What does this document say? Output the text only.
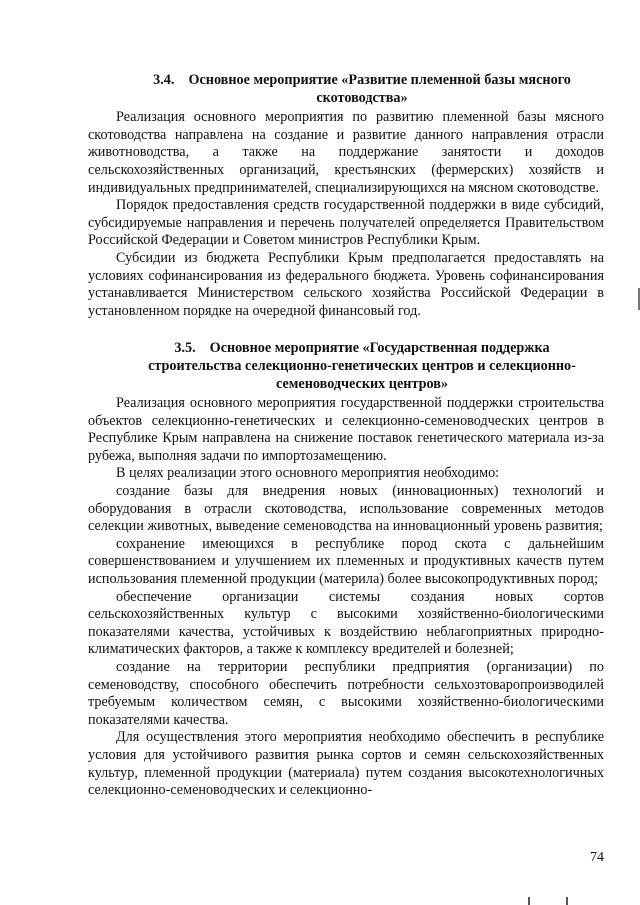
3.4. Основное мероприятие «Развитие племенной базы мясного скотоводства»

Реализация основного мероприятия по развитию племенной базы мясного скотоводства направлена на создание и развитие данного направления отрасли животноводства, а также на поддержание занятости и доходов сельскохозяйственных организаций, крестьянских (фермерских) хозяйств и индивидуальных предпринимателей, специализирующихся на мясном скотоводстве.

Порядок предоставления средств государственной поддержки в виде субсидий, субсидируемые направления и перечень получателей определяется Правительством Российской Федерации и Советом министров Республики Крым.

Субсидии из бюджета Республики Крым предполагается предоставлять на условиях софинансирования из федерального бюджета. Уровень софинансирования устанавливается Министерством сельского хозяйства Российской Федерации в установленном порядке на очередной финансовый год.

3.5. Основное мероприятие «Государственная поддержка строительства селекционно-генетических центров и селекционно-семеноводческих центров»

Реализация основного мероприятия государственной поддержки строительства объектов селекционно-генетических и селекционно-семеноводческих центров в Республике Крым направлена на снижение поставок генетического материала из-за рубежа, выполняя задачи по импортозамещению.

В целях реализации этого основного мероприятия необходимо:

создание базы для внедрения новых (инновационных) технологий и оборудования в отрасли скотоводства, использование современных методов селекции животных, выведение семеноводства на инновационный уровень развития;

сохранение имеющихся в республике пород скота с дальнейшим совершенствованием и улучшением их племенных и продуктивных качеств путем использования племенной продукции (материла) более высокопродуктивных пород;

обеспечение организации системы создания новых сортов сельскохозяйственных культур с высокими хозяйственно-биологическими показателями качества, устойчивых к воздействию неблагоприятных природно-климатических факторов, а также к комплексу вредителей и болезней;

создание на территории республики предприятия (организации) по семеноводству, способного обеспечить потребности сельхозтоваропроизводилей требуемым количеством семян, с высокими хозяйственно-биологическими показателями качества.

Для осуществления этого мероприятия необходимо обеспечить в республике условия для устойчивого развития рынка сортов и семян сельскохозяйственных культур, племенной продукции (материала) путем создания высокотехнологичных селекционно-семеноводческих и селекционно-

74
